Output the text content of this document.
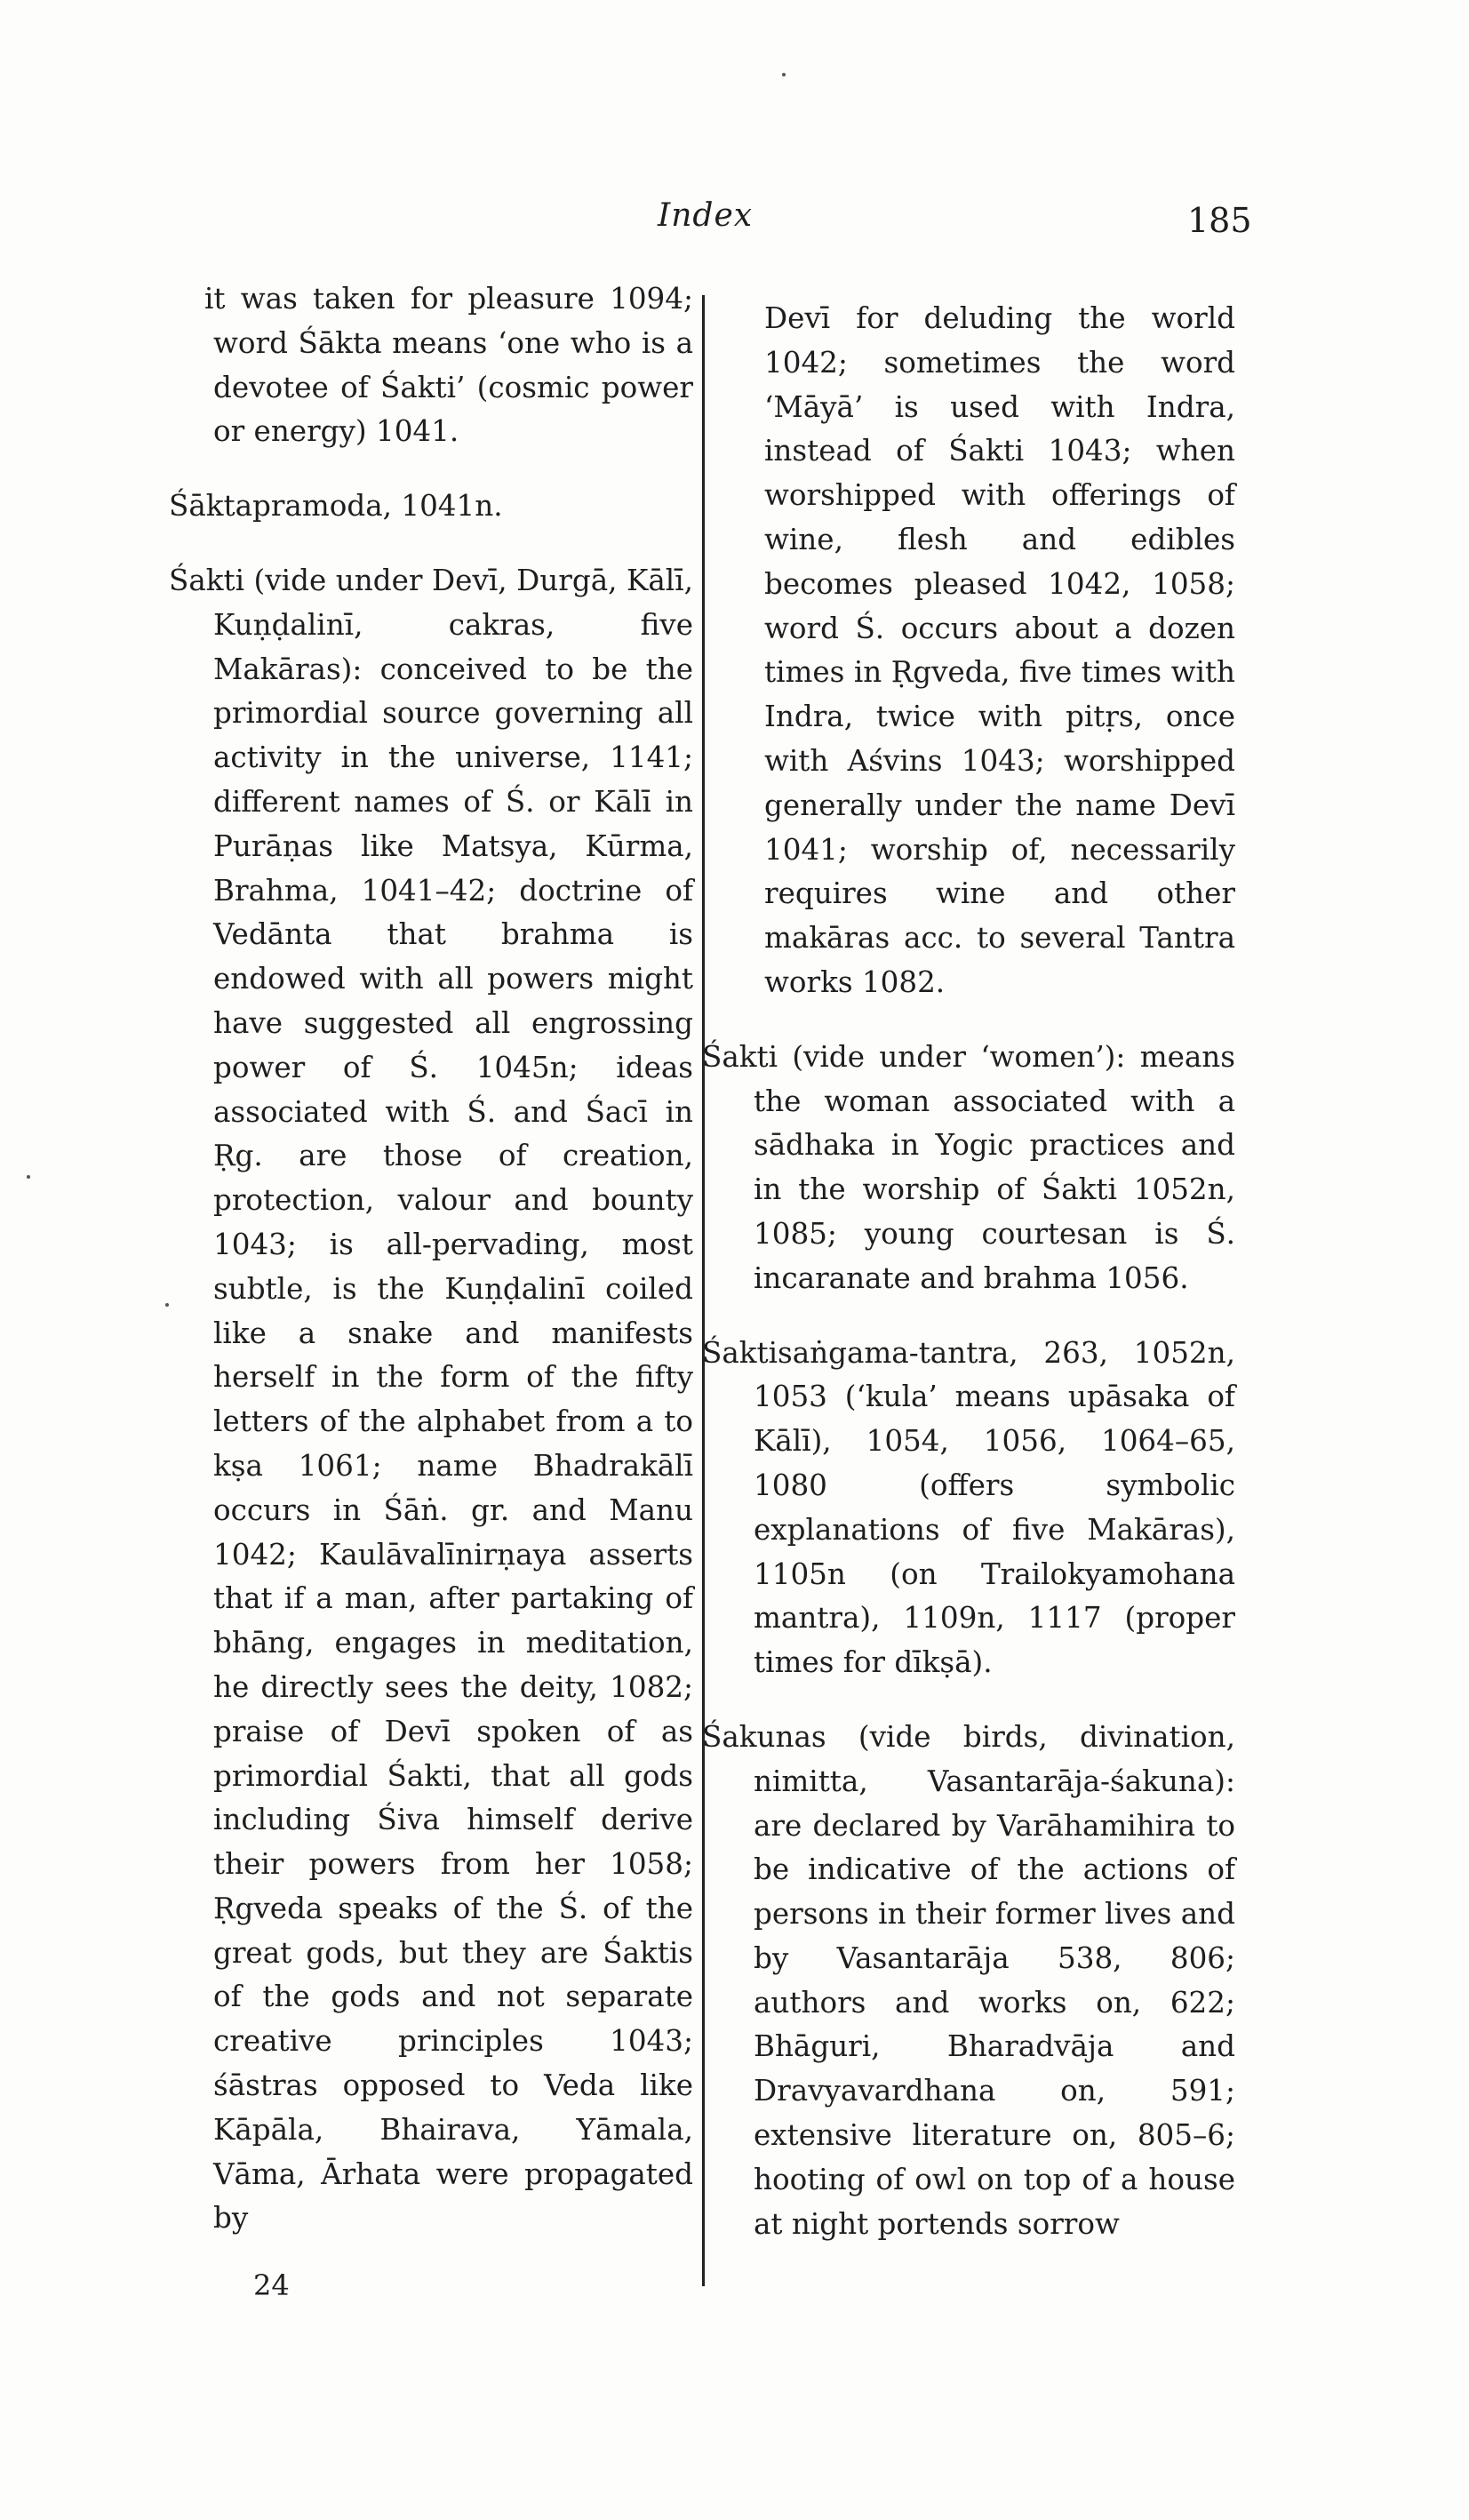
Index	185

it was taken for pleasure 1094; word Śākta means ‘one who is a devotee of Śakti’ (cosmic power or energy) 1041.

Śāktapramoda, 1041n.

Śakti (vide under Devī, Durgā, Kālī, Kuṇḍalinī, cakras, five Makāras): conceived to be the primordial source governing all activity in the universe, 1141; different names of Ś. or Kālī in Purāṇas like Matsya, Kūrma, Brahma, 1041–42; doctrine of Vedānta that brahma is endowed with all powers might have suggested all engrossing power of Ś. 1045n; ideas associated with Ś. and Śacī in Ṛg. are those of creation, protection, valour and bounty 1043; is all-pervading, most subtle, is the Kuṇḍalinī coiled like a snake and manifests herself in the form of the fifty letters of the alphabet from a to kṣa 1061; name Bhadrakālī occurs in Śāṅ. gr. and Manu 1042; Kaulāvalīnirṇaya asserts that if a man, after partaking of bhāng, engages in meditation, he directly sees the deity, 1082; praise of Devī spoken of as primordial Śakti, that all gods including Śiva himself derive their powers from her 1058; Ṛgveda speaks of the Ś. of the great gods, but they are Śaktis of the gods and not separate creative principles 1043; śāstras opposed to Veda like Kāpāla, Bhairava, Yāmala, Vāma, Ārhata were propagated by

Devī for deluding the world 1042; sometimes the word ‘Māyā’ is used with Indra, instead of Śakti 1043; when worshipped with offerings of wine, flesh and edibles becomes pleased 1042, 1058; word Ś. occurs about a dozen times in Ṛgveda, five times with Indra, twice with pitṛs, once with Aśvins 1043; worshipped generally under the name Devī 1041; worship of, necessarily requires wine and other makāras acc. to several Tantra works 1082.

Śakti (vide under ‘women’): means the woman associated with a sādhaka in Yogic practices and in the worship of Śakti 1052n, 1085; young courtesan is Ś. incaranate and brahma 1056.

Śaktisaṅgama-tantra, 263, 1052n, 1053 (‘kula’ means upāsaka of Kālī), 1054, 1056, 1064–65, 1080 (offers symbolic explanations of five Makāras), 1105n (on Trailokyamohana mantra), 1109n, 1117 (proper times for dīkṣā).

Śakunas (vide birds, divination, nimitta, Vasantarāja-śakuna): are declared by Varāhamihira to be indicative of the actions of persons in their former lives and by Vasantarāja 538, 806; authors and works on, 622; Bhāguri, Bharadvāja and Dravyavardhana on, 591; extensive literature on, 805–6; hooting of owl on top of a house at night portends sorrow

24
